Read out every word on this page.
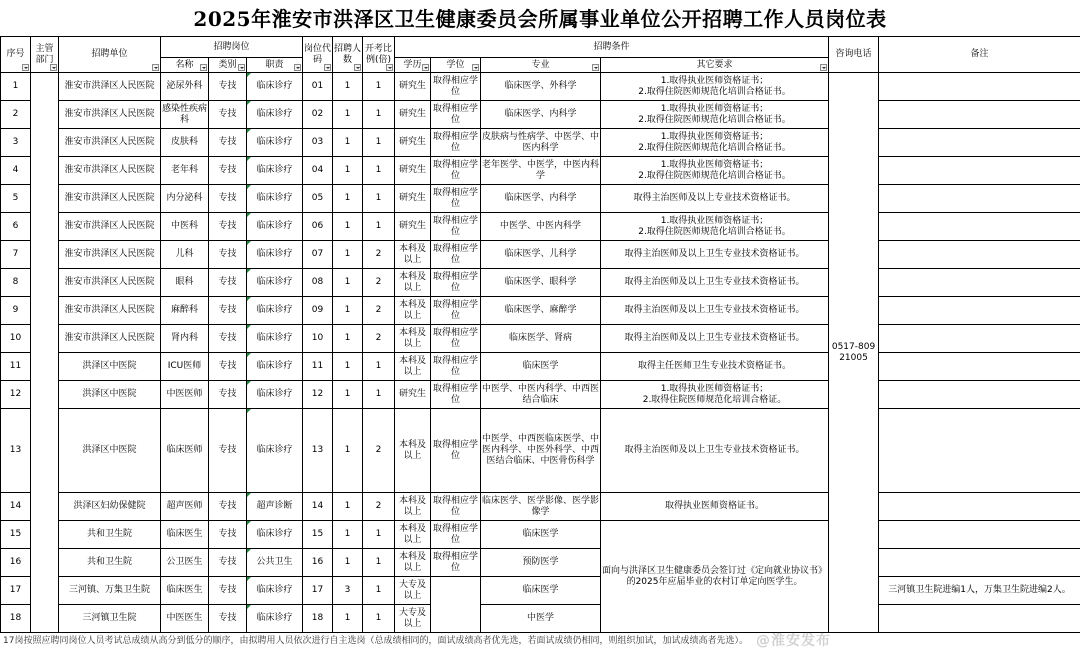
2025年淮安市洪泽区卫生健康委员会所属事业单位公开招聘工作人员岗位表
序号	主管部门	招聘单位	招聘岗位			岗位代码	招聘人数	开考比例(倍)	招聘条件				咨询电话	备注
			名称	类别	职责				学历	学位	专业	其它要求		

1		淮安市洪泽区人民医院	泌尿外科	专技	临床诊疗	01	1	1	研究生	取得相应学位	临床医学、外科学	1.取得执业医师资格证书；
2.取得住院医师规范化培训合格证书。	0517-80921005	
2		淮安市洪泽区人民医院	感染性疾病科	专技	临床诊疗	02	1	1	研究生	取得相应学位	临床医学、内科学	1.取得执业医师资格证书；
2.取得住院医师规范化培训合格证书。		
3		淮安市洪泽区人民医院	皮肤科	专技	临床诊疗	03	1	1	研究生	取得相应学位	皮肤病与性病学、中医学、中医内科学	1.取得执业医师资格证书；
2.取得住院医师规范化培训合格证书。		
4		淮安市洪泽区人民医院	老年科	专技	临床诊疗	04	1	1	研究生	取得相应学位	老年医学、中医学，中医内科学	1.取得执业医师资格证书；
2.取得住院医师规范化培训合格证书。		
5		淮安市洪泽区人民医院	内分泌科	专技	临床诊疗	05	1	1	研究生	取得相应学位	临床医学、内科学	取得主治医师及以上专业技术资格证书。		
6		淮安市洪泽区人民医院	中医科	专技	临床诊疗	06	1	1	研究生	取得相应学位	中医学、中医内科学	1.取得执业医师资格证书；
2.取得住院医师规范化培训合格证书。		
7		淮安市洪泽区人民医院	儿科	专技	临床诊疗	07	1	2	本科及以上	取得相应学位	临床医学、儿科学	取得主治医师及以上卫生专业技术资格证书。		
8		淮安市洪泽区人民医院	眼科	专技	临床诊疗	08	1	2	本科及以上	取得相应学位	临床医学、眼科学	取得主治医师及以上卫生专业技术资格证书。		
9		淮安市洪泽区人民医院	麻醉科	专技	临床诊疗	09	1	2	本科及以上	取得相应学位	临床医学、麻醉学	取得主治医师及以上卫生专业技术资格证书。		
10		淮安市洪泽区人民医院	肾内科	专技	临床诊疗	10	1	2	本科及以上	取得相应学位	临床医学、肾病	取得主治医师及以上卫生专业技术资格证书。		
11		洪泽区中医院	ICU医师	专技	临床诊疗	11	1	1	本科及以上	取得相应学位	临床医学	取得主任医师卫生专业技术资格证书。		
12		洪泽区中医院	中医医师	专技	临床诊疗	12	1	1	研究生	取得相应学位	中医学、中医内科学、中西医结合临床	1.取得执业医师资格证书；
2.取得住院医师规范化培训合格证。		
13		洪泽区中医院	临床医师	专技	临床诊疗	13	1	2	本科及以上	取得相应学位	中医学、中西医临床医学、中医内科学、中医外科学、中西医结合临床、中医骨伤科学	取得主治医师及以上卫生专业技术资格证书。		
14		洪泽区妇幼保健院	超声医师	专技	超声诊断	14	1	2	本科及以上	取得相应学位	临床医学、医学影像、医学影像学	取得执业医师资格证书。		
15		共和卫生院	临床医生	专技	临床诊疗	15	1	1	本科及以上	取得相应学位	临床医学	面向与洪泽区卫生健康委员会签订过《定向就业协议书》的2025年应届毕业的农村订单定向医学生。		
16		共和卫生院	公卫医生	专技	公共卫生	16	1	1	本科及以上	取得相应学位	预防医学			
17		三河镇、万集卫生院	临床医生	专技	临床诊疗	17	3	1	大专及以上		临床医学			三河镇卫生院进编1人，万集卫生院进编2人。
18		三河镇卫生院	中医医生	专技	临床诊疗	18	1	1	大专及以上		中医学			
@淮安发布
17岗按照应聘同岗位人员考试总成绩从高分到低分的顺序，由拟聘用人员依次进行自主选岗（总成绩相同的，面试成绩高者优先选，若面试成绩仍相同，则组织加试，加试成绩高者先选）。
